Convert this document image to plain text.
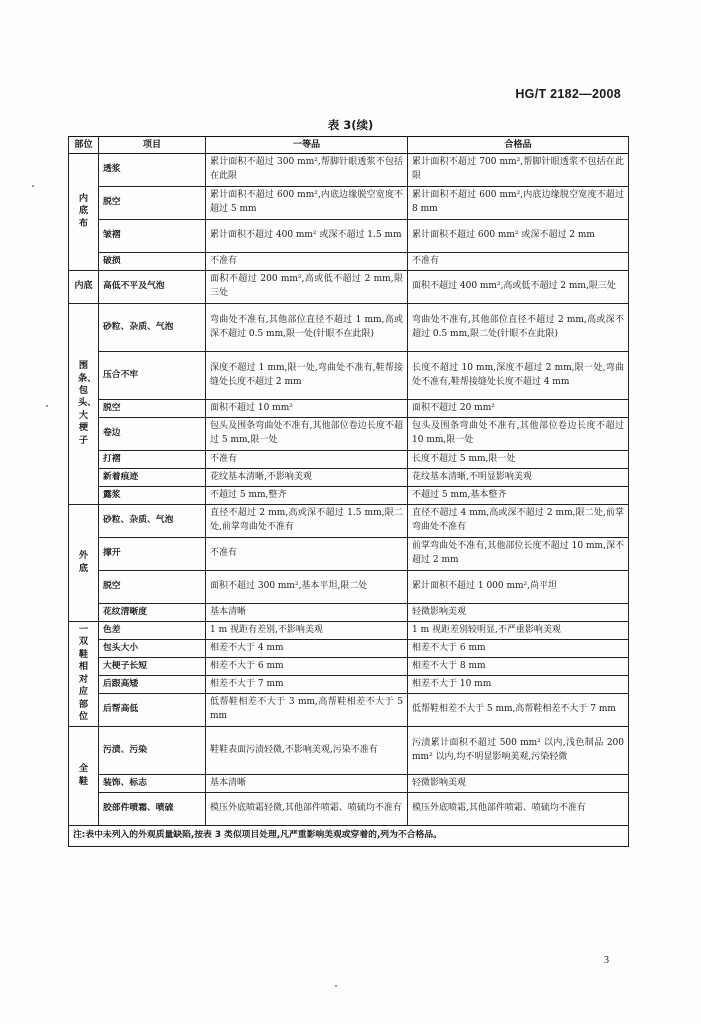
HG/T 2182—2008
表 3(续)
部位	项目	一等品	合格品
内底布	透浆	累计面积不超过 300 mm²,帮脚针眼透浆不包括在此限	累计面积不超过 700 mm²,帮脚针眼透浆不包括在此限
	脱空	累计面积不超过 600 mm²,内底边缘脱空宽度不超过 5 mm	累计面积不超过 600 mm²,内底边缘脱空宽度不超过 8 mm
	皱褶	累计面积不超过 400 mm² 或深不超过 1.5 mm	累计面积不超过 600 mm² 或深不超过 2 mm
	破损	不准有	不准有
内底	高低不平及气泡	面积不超过 200 mm²,高或低不超过 2 mm,限三处	面积不超过 400 mm²,高或低不超过 2 mm,限三处
围条、包头、大梗子	砂粒、杂质、气泡	弯曲处不准有,其他部位直径不超过 1 mm,高或深不超过 0.5 mm,限一处(针眼不在此限)	弯曲处不准有,其他部位直径不超过 2 mm,高或深不超过 0.5 mm,限二处(针眼不在此限)
	压合不牢	深度不超过 1 mm,限一处,弯曲处不准有,鞋帮接缝处长度不超过 2 mm	长度不超过 10 mm,深度不超过 2 mm,限一处,弯曲处不准有,鞋帮接缝处长度不超过 4 mm
	脱空	面积不超过 10 mm²	面积不超过 20 mm²
	卷边	包头及围条弯曲处不准有,其他部位卷边长度不超过 5 mm,限一处	包头及围条弯曲处不准有,其他部位卷边长度不超过 10 mm,限一处
	打褶	不准有	长度不超过 5 mm,限一处
	新着痕迹	花纹基本清晰,不影响美观	花纹基本清晰,不明显影响美观
	露浆	不超过 5 mm,整齐	不超过 5 mm,基本整齐
外底	砂粒、杂质、气泡	直径不超过 2 mm,高或深不超过 1.5 mm,限二处,前掌弯曲处不准有	直径不超过 4 mm,高或深不超过 2 mm,限二处,前掌弯曲处不准有
	撑开	不准有	前掌弯曲处不准有,其他部位长度不超过 10 mm,深不超过 2 mm
	脱空	面积不超过 300 mm²,基本平坦,限二处	累计面积不超过 1 000 mm²,尚平坦
	花纹清晰度	基本清晰	轻微影响美观
一双鞋相对应部位	色差	1 m 视距有差别,不影响美观	1 m 视距差别较明显,不严重影响美观
	包头大小	相差不大于 4 mm	相差不大于 6 mm
	大梗子长短	相差不大于 6 mm	相差不大于 8 mm
	后跟高矮	相差不大于 7 mm	相差不大于 10 mm
	后帮高低	低帮鞋相差不大于 3 mm,高帮鞋相差不大于 5 mm	低帮鞋相差不大于 5 mm,高帮鞋相差不大于 7 mm
全鞋	污渍、污染	鞋鞋表面污渍轻微,不影响美观,污染不准有	污渍累计面积不超过 500 mm² 以内,浅色制品 200 mm² 以内,均不明显影响美观,污染轻微
	装饰、标志	基本清晰	轻微影响美观
	胶部件喷霜、喷硫	模压外底喷霜轻微,其他部件喷霜、喷硫均不准有	模压外底喷霜,其他部件喷霜、喷硫均不准有
注:表中未列入的外观质量缺陷,按表 3 类似项目处理,凡严重影响美观或穿着的,列为不合格品。			
3
